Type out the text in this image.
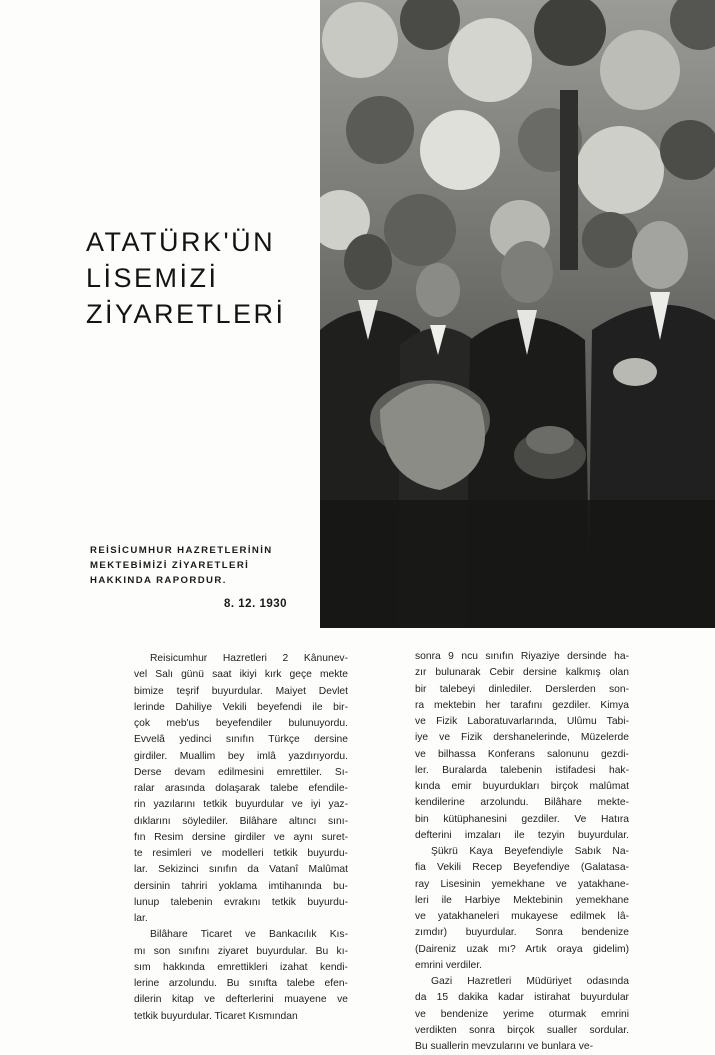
ATATÜRK'ÜN
LİSEMİZİ
ZİYARETLERİ

REİSİCUMHUR HAZRETLERİNİN
MEKTEBİMİZİ ZİYARETLERİ
HAKKINDA RAPORDUR.

8. 12. 1930
Reisicumhur Hazretleri 2 Kânunev-
vel Salı günü saat ikiyi kırk geçe mekte
bimize teşrif buyurdular. Maiyet Devlet
lerinde Dahiliye Vekili beyefendi ile bir-
çok meb'us beyefendiler bulunuyordu.
Evvelâ yedinci sınıfın Türkçe dersine
girdiler. Muallim bey imlâ yazdırıyordu.
Derse devam edilmesini emrettiler. Sı-
ralar arasında dolaşarak talebe efendile-
rin yazılarını tetkik buyurdular ve iyi yaz-
dıklarını söylediler. Bilâhare altıncı sını-
fın Resim dersine girdiler ve aynı suret-
te resimleri ve modelleri tetkik buyurdu-
lar. Sekizinci sınıfın da Vatanî Malûmat
dersinin tahriri yoklama imtihanında bu-
lunup talebenin evrakını tetkik buyurdu-
lar.
Bilâhare Ticaret ve Bankacılık Kıs-
mı son sınıfını ziyaret buyurdular. Bu kı-
sım hakkında emrettikleri izahat kendi-
lerine arzolundu. Bu sınıfta talebe efen-
dilerin kitap ve defterlerini muayene ve
tetkik buyurdular. Ticaret Kısmından
sonra 9 ncu sınıfın Riyaziye dersinde ha-
zır bulunarak Cebir dersine kalkmış olan
bir talebeyi dinlediler. Derslerden son-
ra mektebin her tarafını gezdiler. Kimya
ve Fizik Laboratuvarlarında, Ulûmu Tabi-
iye ve Fizik dershanelerinde, Müzelerde
ve bilhassa Konferans salonunu gezdi-
ler. Buralarda talebenin istifadesi hak-
kında emir buyurdukları birçok malûmat
kendilerine arzolundu. Bilâhare mekte-
bin kütüphanesini gezdiler. Ve Hatıra
defterini imzaları ile tezyin buyurdular.
Şükrü Kaya Beyefendiyle Sabık Na-
fia Vekili Recep Beyefendiye (Galatasa-
ray Lisesinin yemekhane ve yatakhane-
leri ile Harbiye Mektebinin yemekhane
ve yatakhaneleri mukayese edilmek lâ-
zımdır) buyurdular. Sonra bendenize
(Daireniz uzak mı? Artık oraya gidelim)
emrini verdiler.
Gazi Hazretleri Müdüriyet odasında
da 15 dakika kadar istirahat buyurdular
ve bendenize yerime oturmak emrini
verdikten sonra birçok sualler sordular.
Bu suallerin mevzularını ve bunlara ve-
